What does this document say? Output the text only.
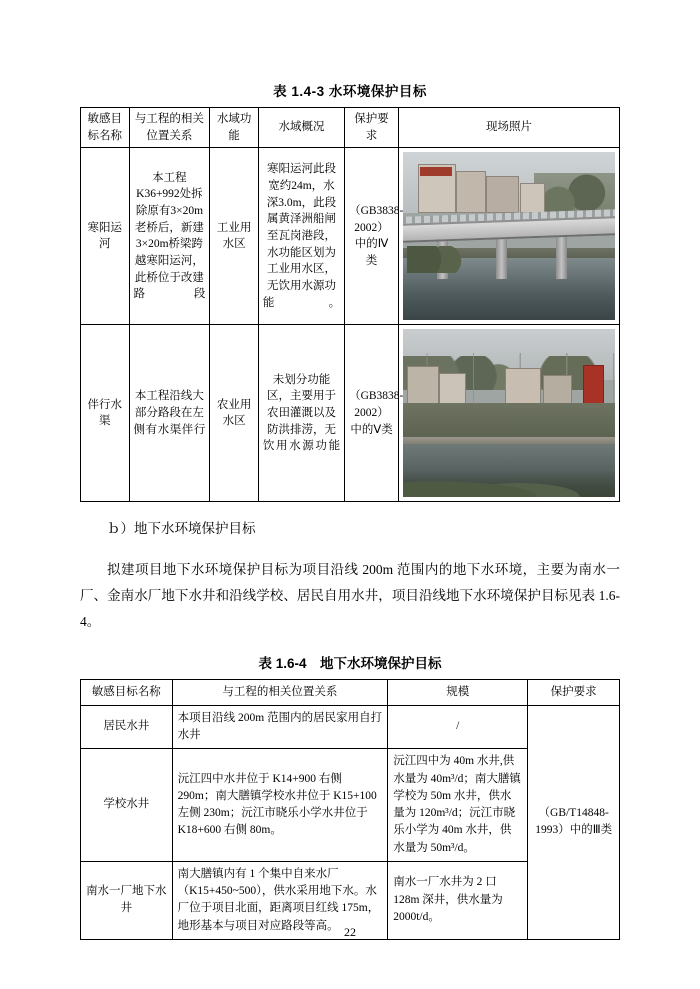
表 1.4-3 水环境保护目标
敏感目标名称	与工程的相关位置关系	水域功能	水域概况	保护要求	现场照片
寒阳运河	本工程K36+992处拆除原有3×20m老桥后，新建3×20m桥梁跨越寒阳运河，此桥位于改建路段	工业用水区	寒阳运河此段宽约24m，水深3.0m，此段属黄泽洲船闸至瓦岗港段，水功能区划为工业用水区，无饮用水源功能。	（GB3838-2002）中的Ⅳ类	

伴行水渠	本工程沿线大部分路段在左侧有水渠伴行	农业用水区	未划分功能区，主要用于农田灌溉以及防洪排涝，无饮用水源功能	（GB3838-2002）中的Ⅴ类	

ｂ）地下水环境保护目标

拟建项目地下水环境保护目标为项目沿线 200m 范围内的地下水环境，主要为南水一厂、金南水厂地下水井和沿线学校、居民自用水井，项目沿线地下水环境保护目标见表 1.6-4。

表 1.6-4　地下水环境保护目标
敏感目标名称	与工程的相关位置关系	规模	保护要求
居民水井	本项目沿线 200m 范围内的居民家用自打水井	/	（GB/T14848-1993）中的Ⅲ类
学校水井	沅江四中水井位于 K14+900 右侧 290m；南大膳镇学校水井位于 K15+100 左侧 230m；沅江市晓乐小学水井位于 K18+600 右侧 80m。	沅江四中为 40m 水井,供水量为 40m³/d；南大膳镇学校为 50m 水井，供水量为 120m³/d；沅江市晓乐小学为 40m 水井，供水量为 50m³/d。	
南水一厂地下水井	南大膳镇内有 1 个集中自来水厂（K15+450~500），供水采用地下水。水厂位于项目北面，距离项目红线 175m，地形基本与项目对应路段等高。	南水一厂水井为 2 口 128m 深井，供水量为 2000t/d。	
22
